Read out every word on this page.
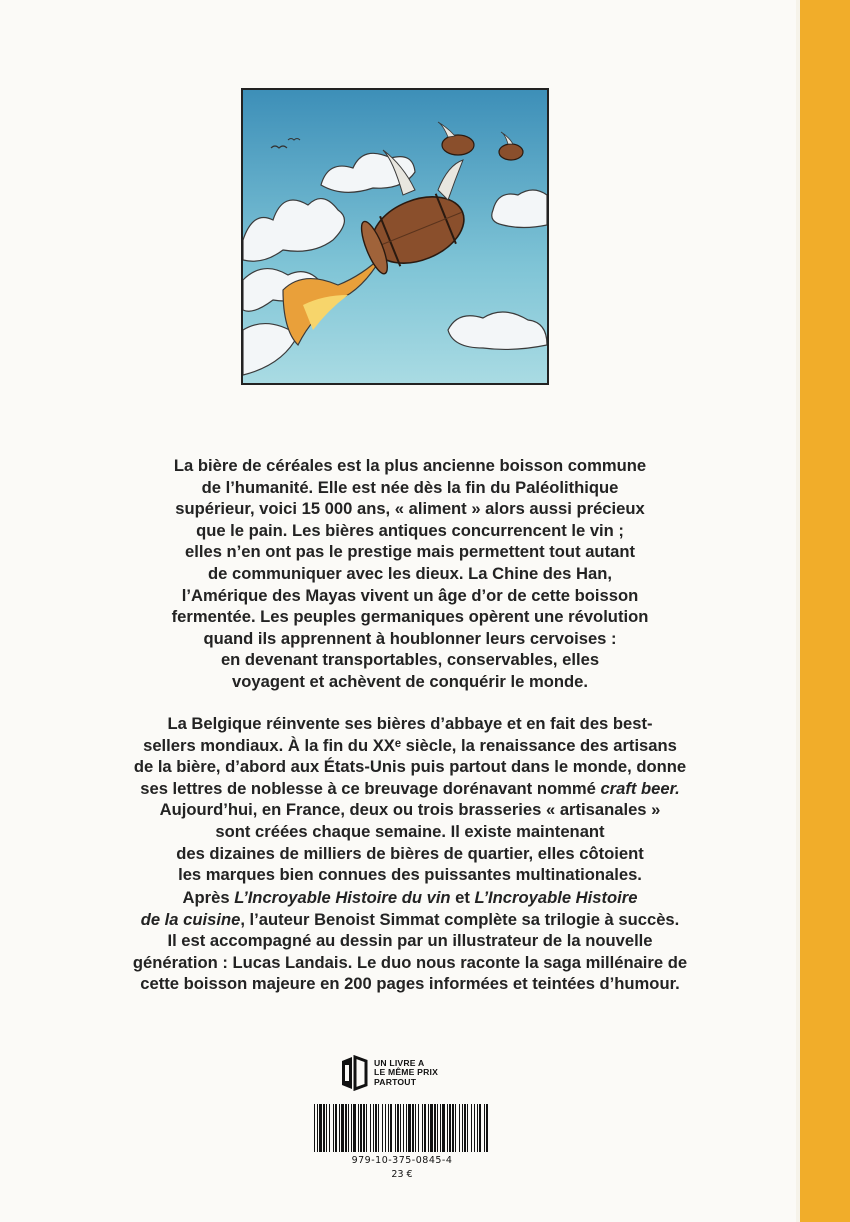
La bière de céréales est la plus ancienne boisson commune

de l’humanité. Elle est née dès la fin du Paléolithique

supérieur, voici 15 000 ans, « aliment » alors aussi précieux

que le pain. Les bières antiques concurrencent le vin ;

elles n’en ont pas le prestige mais permettent tout autant

de communiquer avec les dieux. La Chine des Han,

l’Amérique des Mayas vivent un âge d’or de cette boisson

fermentée. Les peuples germaniques opèrent une révolution

quand ils apprennent à houblonner leurs cervoises :

en devenant transportables, conservables, elles

voyagent et achèvent de conquérir le monde.

La Belgique réinvente ses bières d’abbaye et en fait des best-

sellers mondiaux. À la fin du XXᵉ siècle, la renaissance des artisans

de la bière, d’abord aux États-Unis puis partout dans le monde, donne

ses lettres de noblesse à ce breuvage dorénavant nommé craft beer.

Aujourd’hui, en France, deux ou trois brasseries « artisanales »

sont créées chaque semaine. Il existe maintenant

des dizaines de milliers de bières de quartier, elles côtoient

les marques bien connues des puissantes multinationales.

Après L’Incroyable Histoire du vin et L’Incroyable Histoire

de la cuisine, l’auteur Benoist Simmat complète sa trilogie à succès.

Il est accompagné au dessin par un illustrateur de la nouvelle

génération : Lucas Landais. Le duo nous raconte la saga millénaire de

cette boisson majeure en 200 pages informées et teintées d’humour.

UN LIVRE A
LE MÊME PRIX
PARTOUT
979-10-375-0845-4
23 €
